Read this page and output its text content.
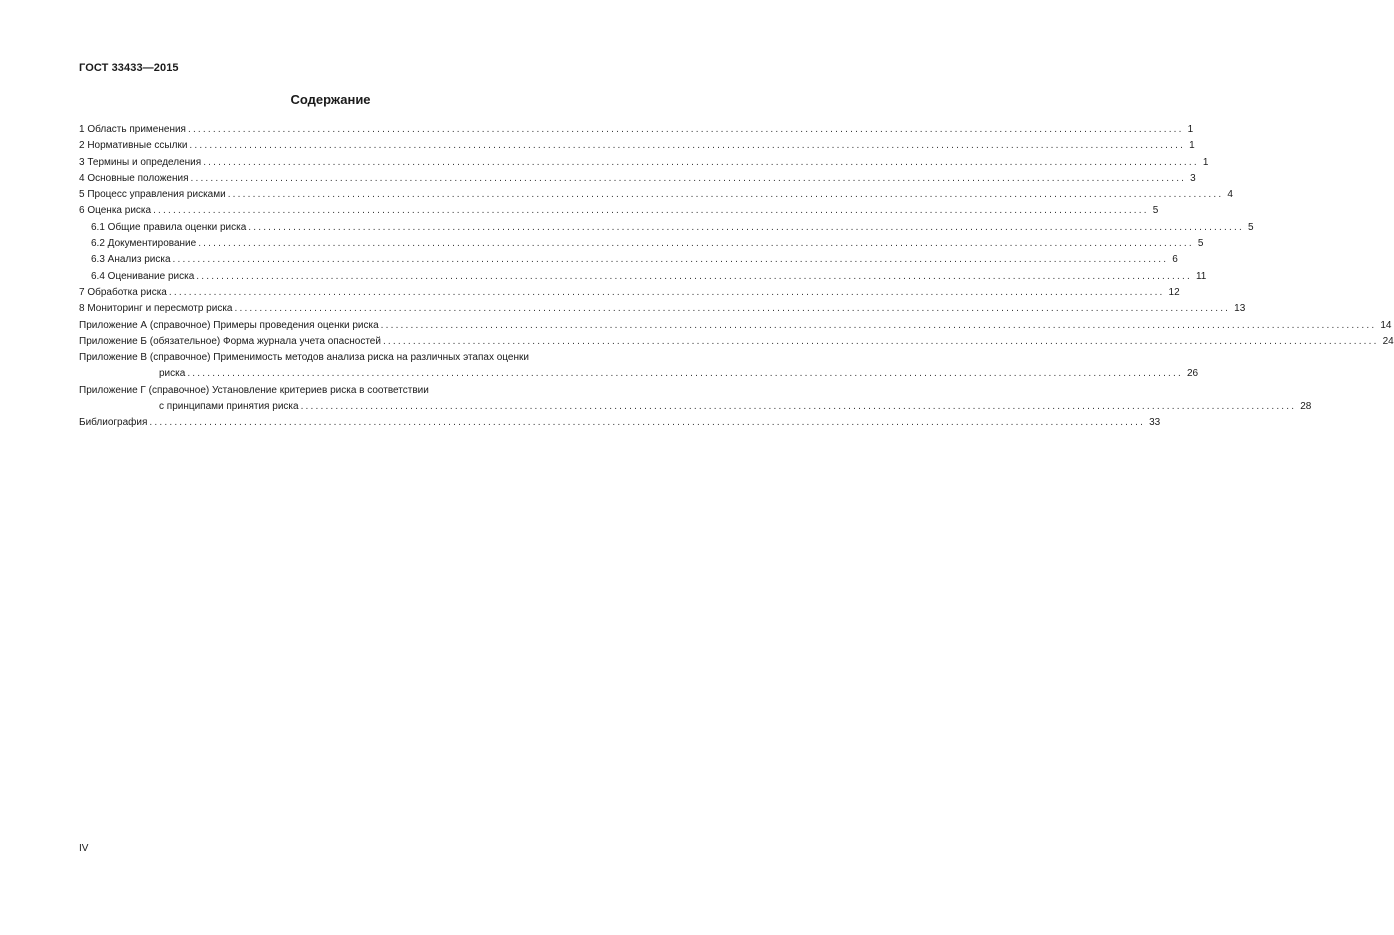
ГОСТ 33433—2015
Содержание
1 Область применения ........................................................................................................................................................................................................ 1
2 Нормативные ссылки ........................................................................................................................................................................................................ 1
3 Термины и определения ........................................................................................................................................................................................................ 1
4 Основные положения ........................................................................................................................................................................................................ 3
5 Процесс управления рисками ........................................................................................................................................................................................................ 4
6 Оценка риска ........................................................................................................................................................................................................ 5
6.1 Общие правила оценки риска ........................................................................................................................................................................................................ 5
6.2 Документирование ........................................................................................................................................................................................................ 5
6.3 Анализ риска ........................................................................................................................................................................................................ 6
6.4 Оценивание риска ........................................................................................................................................................................................................ 11
7 Обработка риска ........................................................................................................................................................................................................ 12
8 Мониторинг и пересмотр риска ........................................................................................................................................................................................................ 13
Приложение А (справочное) Примеры проведения оценки риска ........................................................................................................................................................................................................ 14
Приложение Б (обязательное) Форма журнала учета опасностей ........................................................................................................................................................................................................ 24
Приложение В (справочное) Применимость методов анализа риска на различных этапах оценки
риска ........................................................................................................................................................................................................ 26
Приложение Г (справочное) Установление критериев риска в соответствии
с принципами принятия риска ........................................................................................................................................................................................................ 28
Библиография ........................................................................................................................................................................................................ 33
IV
